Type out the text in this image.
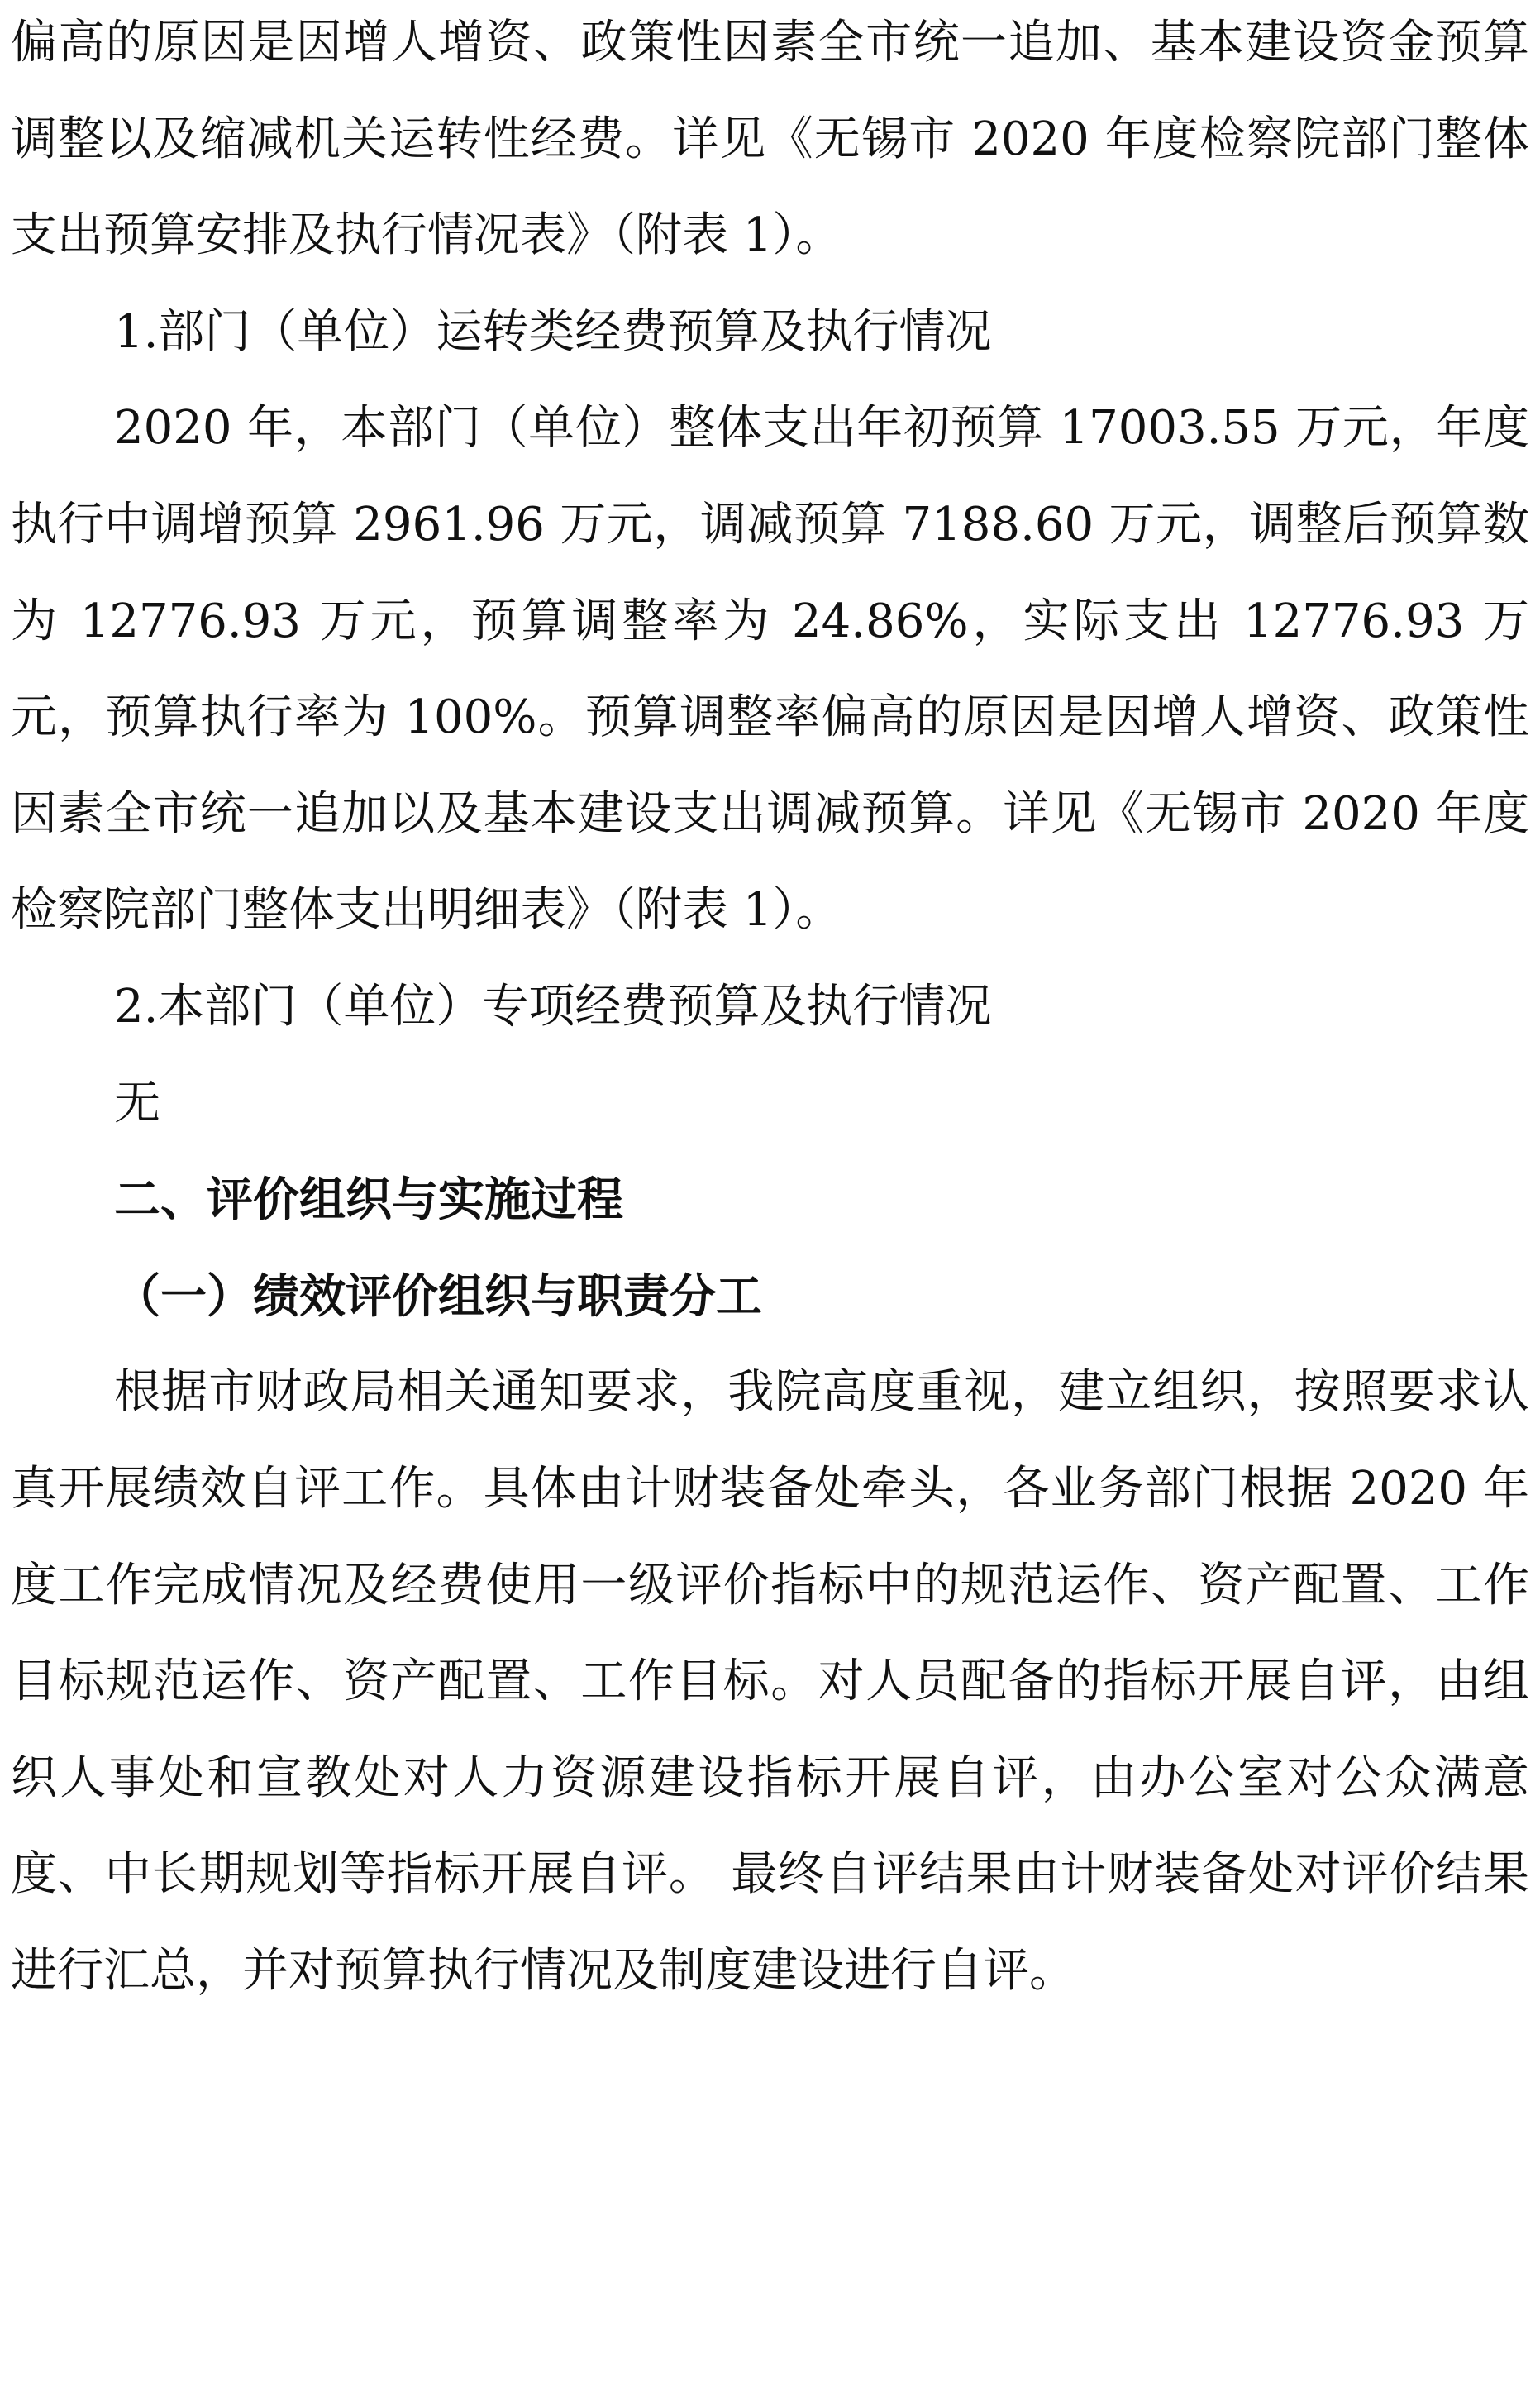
偏高的原因是因增人增资、政策性因素全市统一追加、基本建设资金预算调整以及缩减机关运转性经费。详见《无锡市 2020 年度检察院部门整体支出预算安排及执行情况表》（附表 1）。

1.部门（单位）运转类经费预算及执行情况

2020 年，本部门（单位）整体支出年初预算 17003.55 万元，年度执行中调增预算 2961.96 万元，调减预算 7188.60 万元，调整后预算数为 12776.93 万元，预算调整率为 24.86%，实际支出 12776.93 万元，预算执行率为 100%。预算调整率偏高的原因是因增人增资、政策性因素全市统一追加以及基本建设支出调减预算。详见《无锡市 2020 年度检察院部门整体支出明细表》（附表 1）。

2.本部门（单位）专项经费预算及执行情况

无

二、评价组织与实施过程

（一）绩效评价组织与职责分工

根据市财政局相关通知要求，我院高度重视，建立组织，按照要求认真开展绩效自评工作。具体由计财装备处牵头，各业务部门根据 2020 年度工作完成情况及经费使用一级评价指标中的规范运作、资产配置、工作目标规范运作、资产配置、工作目标。对人员配备的指标开展自评，由组织人事处和宣教处对人力资源建设指标开展自评，由办公室对公众满意度、中长期规划等指标开展自评。 最终自评结果由计财装备处对评价结果进行汇总，并对预算执行情况及制度建设进行自评。
